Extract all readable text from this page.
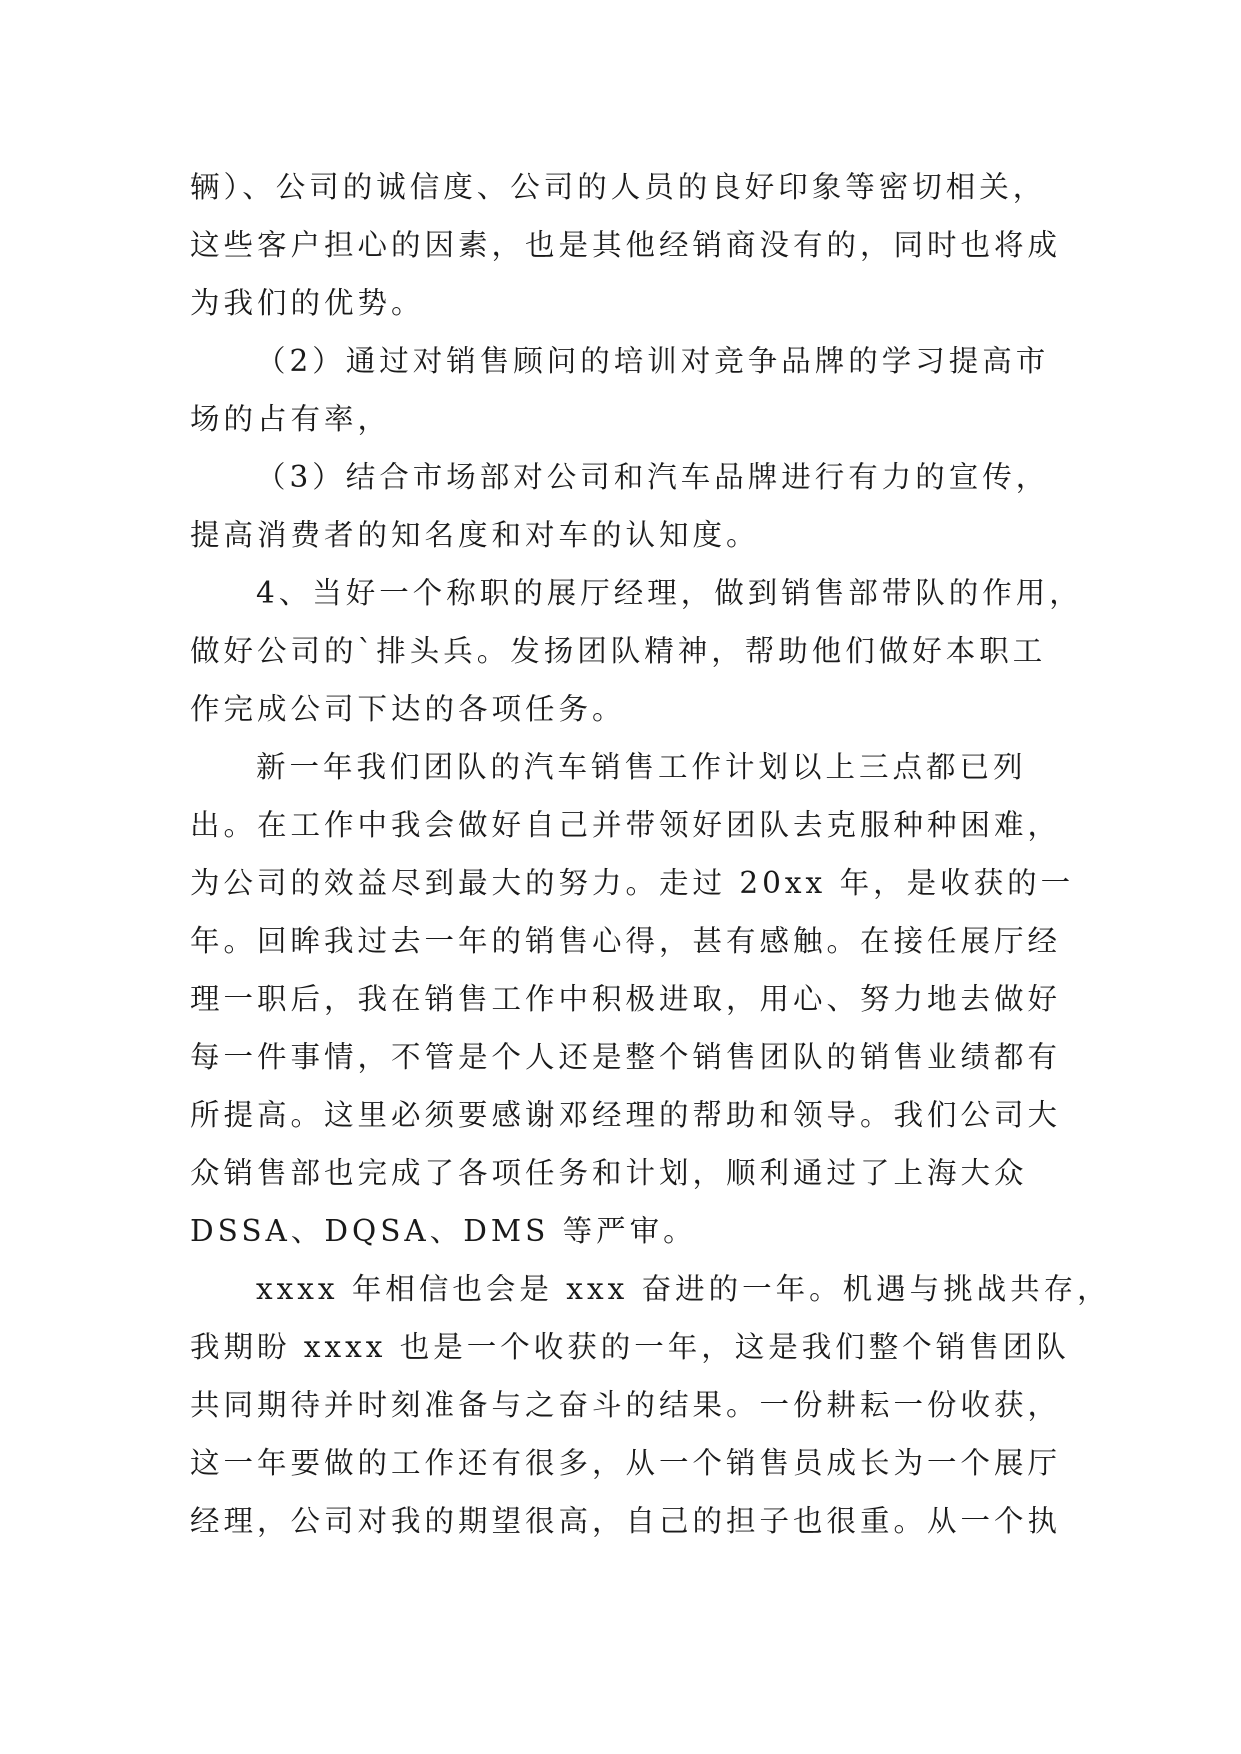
辆）、公司的诚信度、公司的人员的良好印象等密切相关，
这些客户担心的因素，也是其他经销商没有的，同时也将成
为我们的优势。
（2）通过对销售顾问的培训对竞争品牌的学习提高市
场的占有率，
（3）结合市场部对公司和汽车品牌进行有力的宣传，
提高消费者的知名度和对车的认知度。
4、当好一个称职的展厅经理，做到销售部带队的作用，
做好公司的`排头兵。发扬团队精神，帮助他们做好本职工
作完成公司下达的各项任务。
新一年我们团队的汽车销售工作计划以上三点都已列
出。在工作中我会做好自己并带领好团队去克服种种困难，
为公司的效益尽到最大的努力。走过 20xx 年，是收获的一
年。回眸我过去一年的销售心得，甚有感触。在接任展厅经
理一职后，我在销售工作中积极进取，用心、努力地去做好
每一件事情，不管是个人还是整个销售团队的销售业绩都有
所提高。这里必须要感谢邓经理的帮助和领导。我们公司大
众销售部也完成了各项任务和计划，顺利通过了上海大众
DSSA、DQSA、DMS 等严审。
xxxx 年相信也会是 xxx 奋进的一年。机遇与挑战共存，
我期盼 xxxx 也是一个收获的一年，这是我们整个销售团队
共同期待并时刻准备与之奋斗的结果。一份耕耘一份收获，
这一年要做的工作还有很多，从一个销售员成长为一个展厅
经理，公司对我的期望很高，自己的担子也很重。从一个执
